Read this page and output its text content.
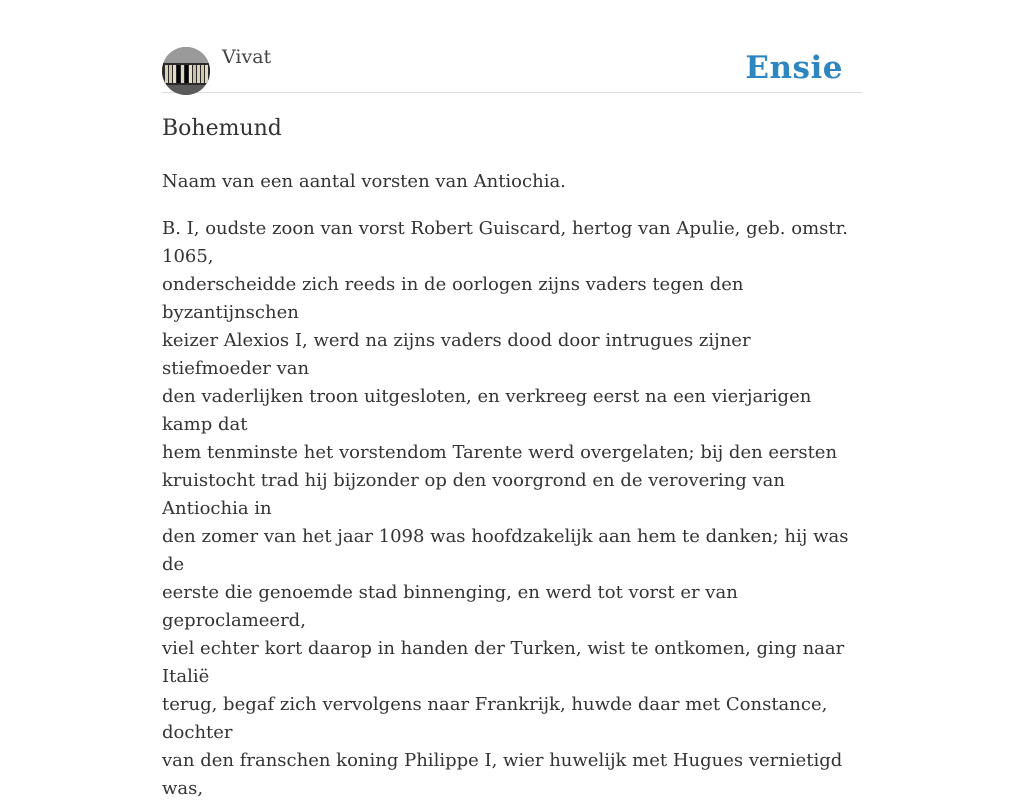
Vivat	Ensie
Bohemund

Naam van een aantal vorsten van Antiochia.

B. I, oudste zoon van vorst Robert Guiscard, hertog van Apulie, geb. omstr. 1065,
onderscheidde zich reeds in de oorlogen zijns vaders tegen den byzantijnschen
keizer Alexios I, werd na zijns vaders dood door intrugues zijner stiefmoeder van
den vaderlijken troon uitgesloten, en verkreeg eerst na een vierjarigen kamp dat
hem tenminste het vorstendom Tarente werd overgelaten; bij den eersten
kruistocht trad hij bijzonder op den voorgrond en de verovering van Antiochia in
den zomer van het jaar 1098 was hoofdzakelijk aan hem te danken; hij was de
eerste die genoemde stad binnenging, en werd tot vorst er van geproclameerd,
viel echter kort daarop in handen der Turken, wist te ontkomen, ging naar Italië
terug, begaf zich vervolgens naar Frankrijk, huwde daar met Constance, dochter
van den franschen koning Philippe I, wier huwelijk met Hugues vernietigd was,
